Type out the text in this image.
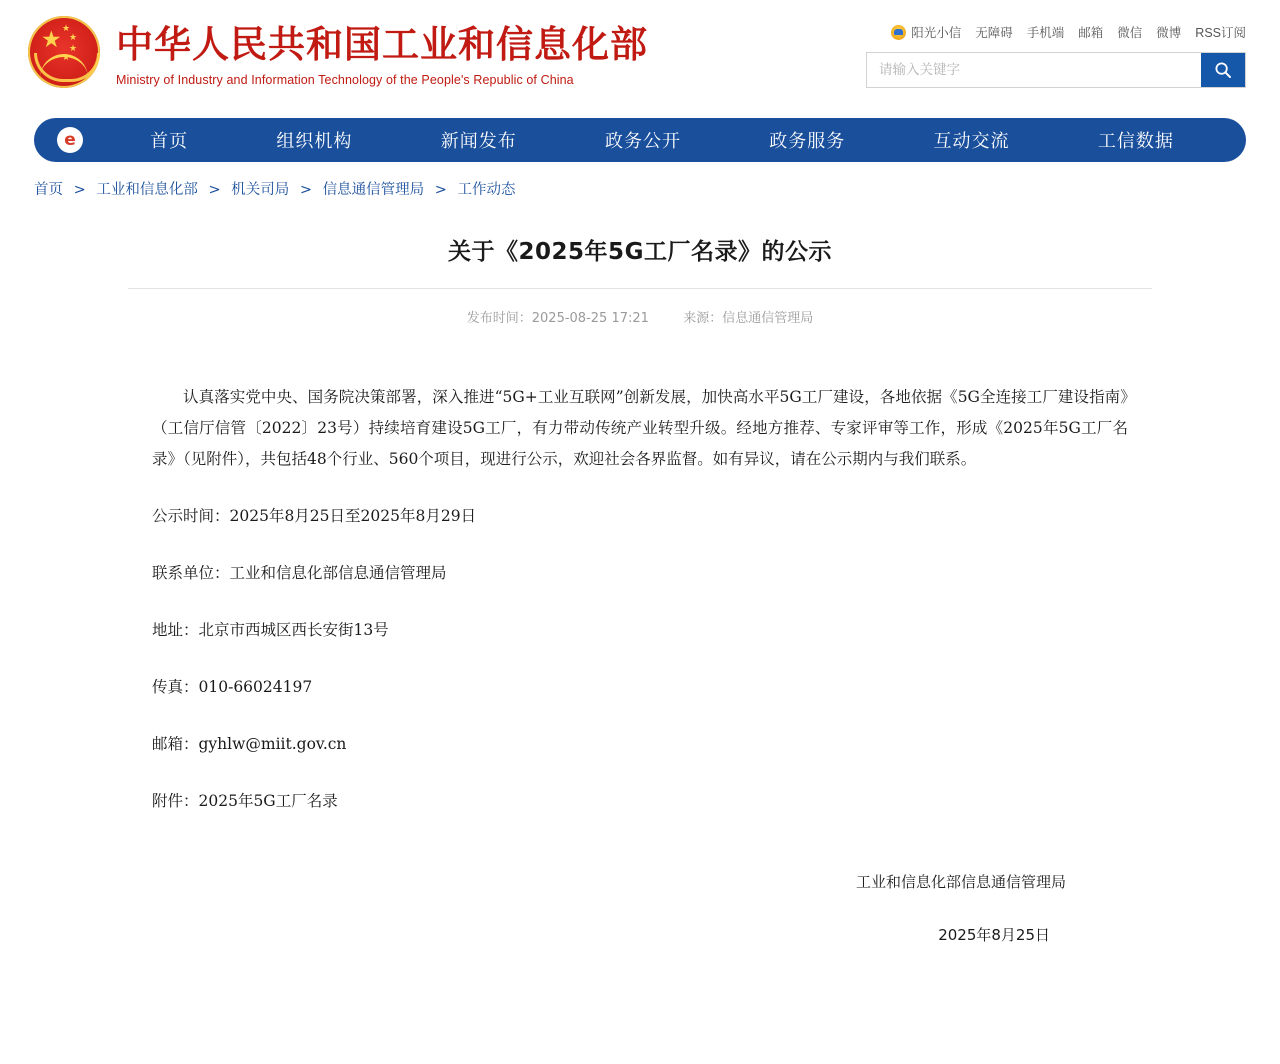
★ ★
★
★
★ 中华人民共和国工业和信息化部
Ministry of Industry and Information Technology of the People's Republic of China
阳光小信 无障碍 手机端 邮箱 微信 微博 RSS订阅
请输入关键字
e	首页	组织机构	新闻发布	政务公开	政务服务	互动交流	工信数据
首页 > 工业和信息化部 > 机关司局 > 信息通信管理局 > 工作动态
关于《2025年5G工厂名录》的公示
发布时间：2025-08-25 17:21	来源：信息通信管理局

认真落实党中央、国务院决策部署，深入推进“5G+工业互联网”创新发展，加快高水平5G工厂建设，各地依据《5G全连接工厂建设指南》（工信厅信管〔2022〕23号）持续培育建设5G工厂，有力带动传统产业转型升级。经地方推荐、专家评审等工作，形成《2025年5G工厂名录》（见附件），共包括48个行业、560个项目，现进行公示，欢迎社会各界监督。如有异议，请在公示期内与我们联系。

公示时间：2025年8月25日至2025年8月29日

联系单位：工业和信息化部信息通信管理局

地址：北京市西城区西长安街13号

传真：010-66024197

邮箱：gyhlw@miit.gov.cn

附件：2025年5G工厂名录

工业和信息化部信息通信管理局
2025年8月25日
